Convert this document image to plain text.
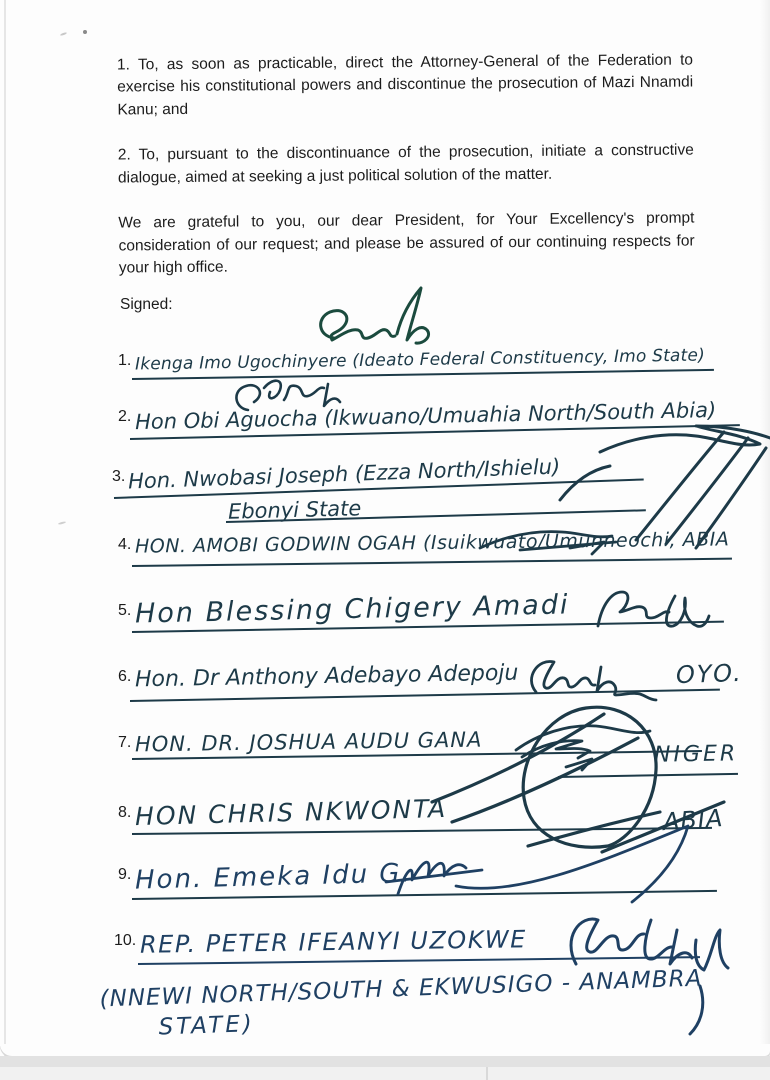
1. To, as soon as practicable, direct the Attorney-General of the Federation to exercise his constitutional powers and discontinue the prosecution of Mazi Nnamdi Kanu; and

2. To, pursuant to the discontinuance of the prosecution, initiate a constructive dialogue, aimed at seeking a just political solution of the matter.

We are grateful to you, our dear President, for Your Excellency's prompt consideration of our request; and please be assured of our continuing respects for your high office.

Signed:
1. Ikenga Imo Ugochinyere (Ideato Federal Constituency, Imo State)
2. Hon Obi Aguocha (Ikwuano/Umuahia North/South Abia)
3. Hon. Nwobasi Joseph (Ezza North/Ishielu)
Ebonyi State
4. HON. AMOBI GODWIN OGAH (Isuikwuato/Umunneochi, ABIA
5. Hon Blessing Chigery Amadi
6. Hon. Dr Anthony Adebayo Adepoju	OYO.
7. HON. DR. JOSHUA AUDU GANA	NIGER
8. HON CHRIS NKWONTA	ABIA
9. Hon. Emeka Idu G.
10. REP. PETER IFEANYI UZOKWE
(NNEWI NORTH/SOUTH & EKWUSIGO - ANAMBRA
STATE)
